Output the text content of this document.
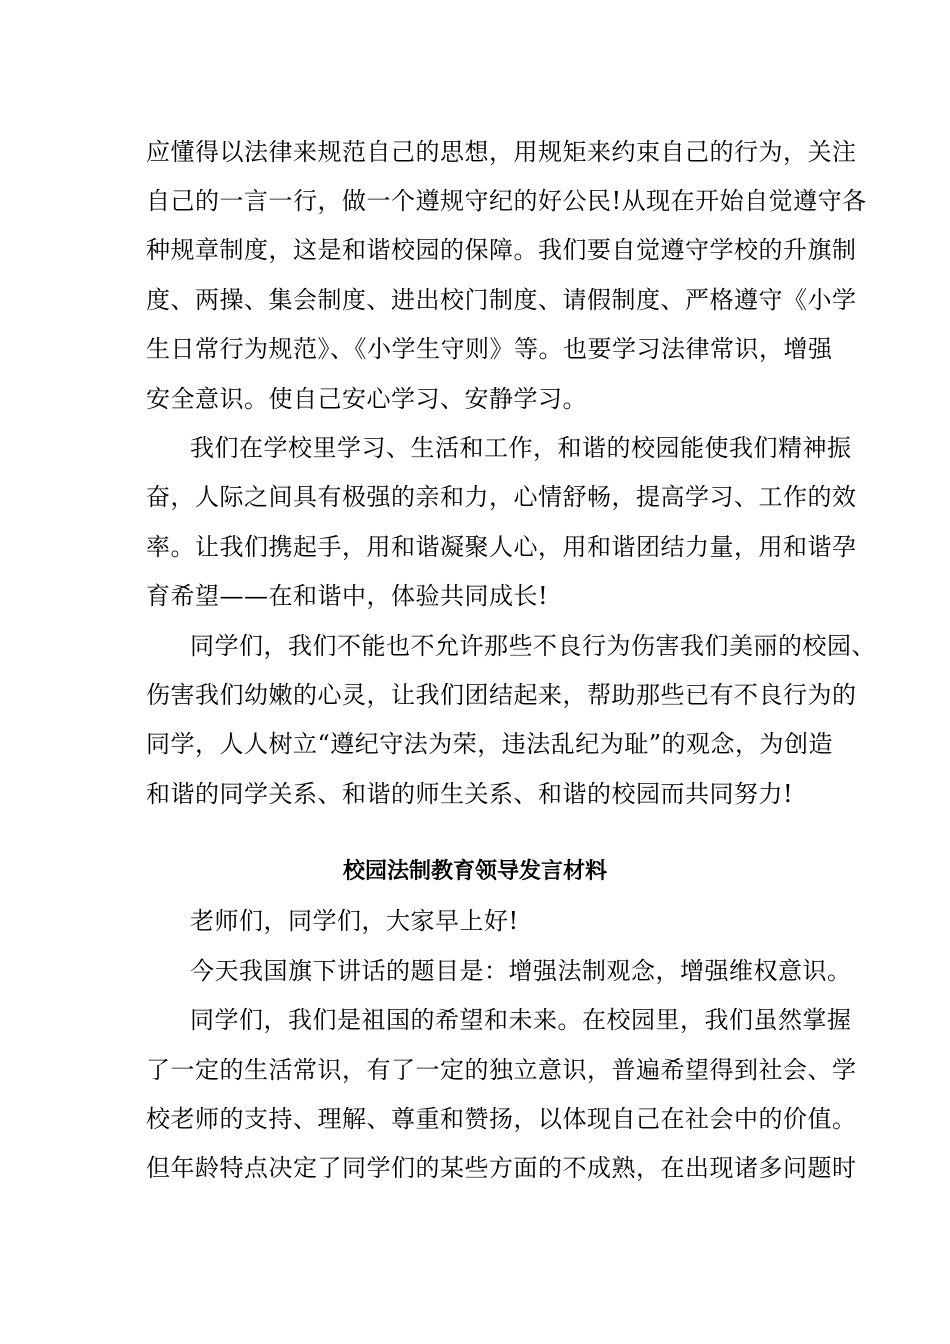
应懂得以法律来规范自己的思想，用规矩来约束自己的行为，关注
自己的一言一行，做一个遵规守纪的好公民!从现在开始自觉遵守各
种规章制度，这是和谐校园的保障。我们要自觉遵守学校的升旗制
度、两操、集会制度、进出校门制度、请假制度、严格遵守《小学
生日常行为规范》、《小学生守则》等。也要学习法律常识，增强
安全意识。使自己安心学习、安静学习。
我们在学校里学习、生活和工作，和谐的校园能使我们精神振
奋，人际之间具有极强的亲和力，心情舒畅，提高学习、工作的效
率。让我们携起手，用和谐凝聚人心，用和谐团结力量，用和谐孕
育希望——在和谐中，体验共同成长!
同学们，我们不能也不允许那些不良行为伤害我们美丽的校园、
伤害我们幼嫩的心灵，让我们团结起来，帮助那些已有不良行为的
同学，人人树立“遵纪守法为荣，违法乱纪为耻”的观念，为创造
和谐的同学关系、和谐的师生关系、和谐的校园而共同努力!
校园法制教育领导发言材料
老师们，同学们，大家早上好!
今天我国旗下讲话的题目是：增强法制观念，增强维权意识。
同学们，我们是祖国的希望和未来。在校园里，我们虽然掌握
了一定的生活常识，有了一定的独立意识，普遍希望得到社会、学
校老师的支持、理解、尊重和赞扬，以体现自己在社会中的价值。
但年龄特点决定了同学们的某些方面的不成熟，在出现诸多问题时
